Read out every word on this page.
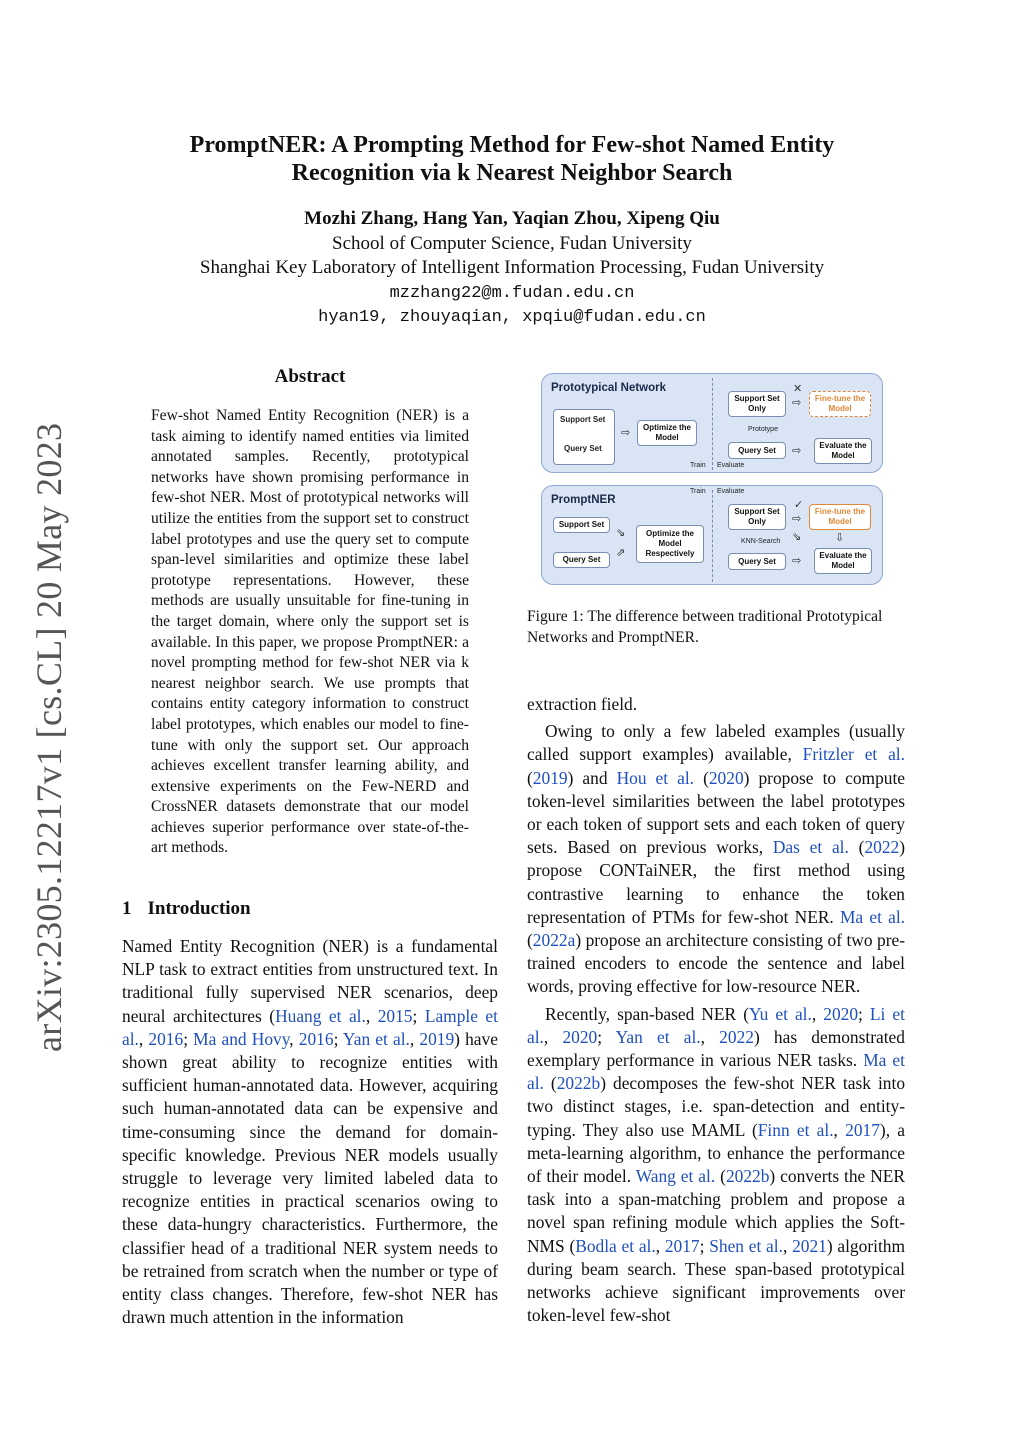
PromptNER: A Prompting Method for Few-shot Named Entity
Recognition via k Nearest Neighbor Search
Mozhi Zhang, Hang Yan, Yaqian Zhou, Xipeng Qiu
School of Computer Science, Fudan University
Shanghai Key Laboratory of Intelligent Information Processing, Fudan University
mzzhang22@m.fudan.edu.cn
hyan19, zhouyaqian, xpqiu@fudan.edu.cn
arXiv:2305.12217v1 [cs.CL] 20 May 2023
Abstract
Few-shot Named Entity Recognition (NER) is a task aiming to identify named entities via limited annotated samples. Recently, prototypical networks have shown promising performance in few-shot NER. Most of prototypical networks will utilize the entities from the support set to construct label prototypes and use the query set to compute span-level similarities and optimize these label prototype representations. However, these methods are usually unsuitable for fine-tuning in the target domain, where only the support set is available. In this paper, we propose PromptNER: a novel prompting method for few-shot NER via k nearest neighbor search. We use prompts that contains entity category information to construct label prototypes, which enables our model to fine-tune with only the support set. Our approach achieves excellent transfer learning ability, and extensive experiments on the Few-NERD and CrossNER datasets demonstrate that our model achieves superior performance over state-of-the-art methods.
1 Introduction

Named Entity Recognition (NER) is a fundamental NLP task to extract entities from unstructured text. In traditional fully supervised NER scenarios, deep neural architectures (Huang et al., 2015; Lample et al., 2016; Ma and Hovy, 2016; Yan et al., 2019) have shown great ability to recognize entities with sufficient human-annotated data. However, acquiring such human-annotated data can be expensive and time-consuming since the demand for domain-specific knowledge. Previous NER models usually struggle to leverage very limited labeled data to recognize entities in practical scenarios owing to these data-hungry characteristics. Furthermore, the classifier head of a traditional NER system needs to be retrained from scratch when the number or type of entity class changes. Therefore, few-shot NER has drawn much attention in the information

Prototypical Network
Support Set
Query Set
⇨	Optimize the Model
Train Evaluate
Support Set Only
Prototype
Query Set
✕
⇨	Fine-tune the Model
⇨	Evaluate the Model
PromptNER
Train Evaluate
Support Set
Query Set
⇘
⇗
Optimize the Model Respectively
Support Set Only
KNN-Search
Query Set
✓
⇨
⇘
Fine-tune the Model
⇩
⇨	Evaluate the Model
Figure 1: The difference between traditional Prototypical Networks and PromptNER.

extraction field.

Owing to only a few labeled examples (usually called support examples) available, Fritzler et al. (2019) and Hou et al. (2020) propose to compute token-level similarities between the label prototypes or each token of support sets and each token of query sets. Based on previous works, Das et al. (2022) propose CONTaiNER, the first method using contrastive learning to enhance the token representation of PTMs for few-shot NER. Ma et al. (2022a) propose an architecture consisting of two pre-trained encoders to encode the sentence and label words, proving effective for low-resource NER.

Recently, span-based NER (Yu et al., 2020; Li et al., 2020; Yan et al., 2022) has demonstrated exemplary performance in various NER tasks. Ma et al. (2022b) decomposes the few-shot NER task into two distinct stages, i.e. span-detection and entity-typing. They also use MAML (Finn et al., 2017), a meta-learning algorithm, to enhance the performance of their model. Wang et al. (2022b) converts the NER task into a span-matching problem and propose a novel span refining module which applies the Soft-NMS (Bodla et al., 2017; Shen et al., 2021) algorithm during beam search. These span-based prototypical networks achieve significant improvements over token-level few-shot
